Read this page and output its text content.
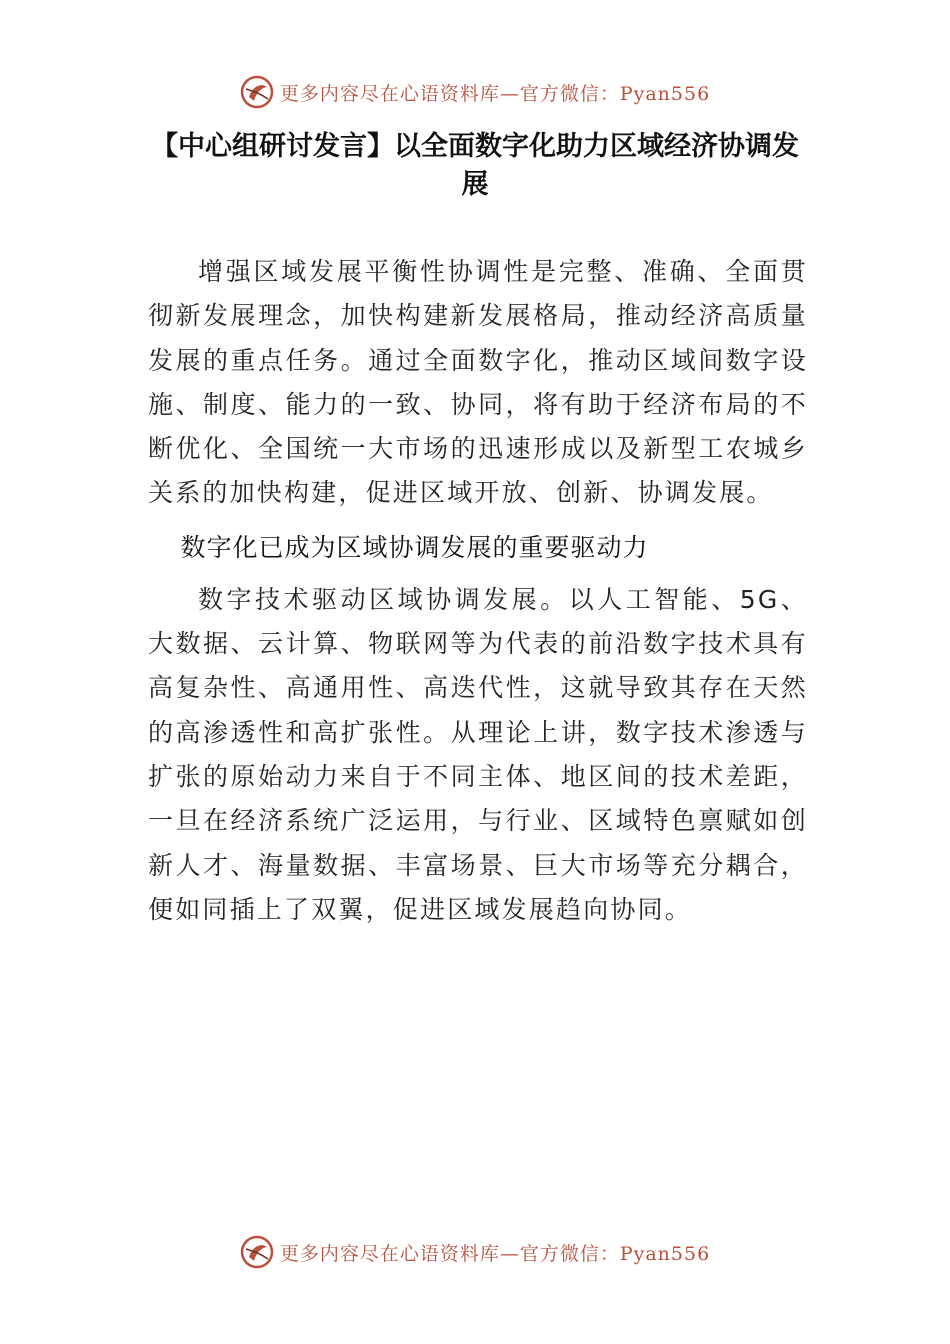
更多内容尽在心语资料库—官方微信：Pyan556
【中心组研讨发言】以全面数字化助力区域经济协调发展

增强区域发展平衡性协调性是完整、准确、全面贯彻新发展理念，加快构建新发展格局，推动经济高质量发展的重点任务。通过全面数字化，推动区域间数字设施、制度、能力的一致、协同，将有助于经济布局的不断优化、全国统一大市场的迅速形成以及新型工农城乡关系的加快构建，促进区域开放、创新、协调发展。

数字化已成为区域协调发展的重要驱动力

数字技术驱动区域协调发展。以人工智能、5G、大数据、云计算、物联网等为代表的前沿数字技术具有高复杂性、高通用性、高迭代性，这就导致其存在天然的高渗透性和高扩张性。从理论上讲，数字技术渗透与扩张的原始动力来自于不同主体、地区间的技术差距，一旦在经济系统广泛运用，与行业、区域特色禀赋如创新人才、海量数据、丰富场景、巨大市场等充分耦合，便如同插上了双翼，促进区域发展趋向协同。

更多内容尽在心语资料库—官方微信：Pyan556
